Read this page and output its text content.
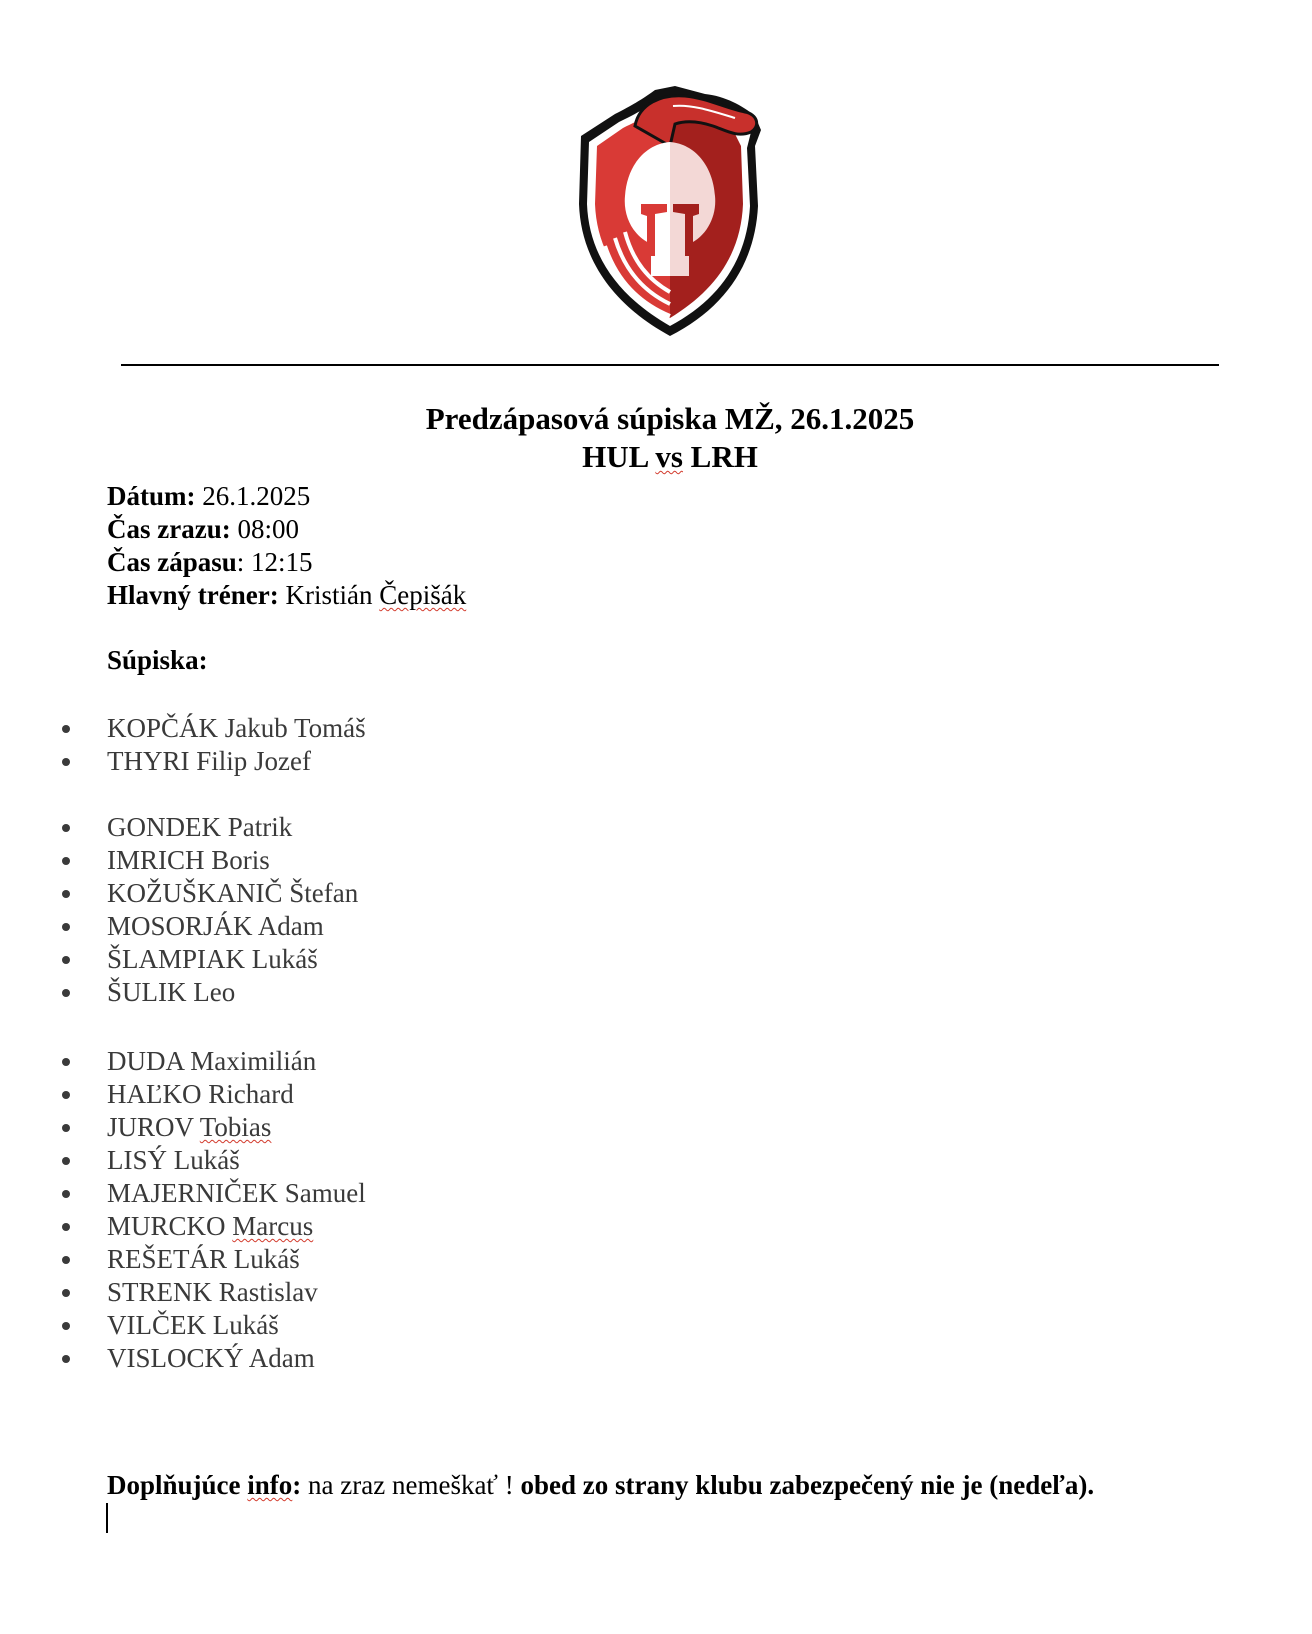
Predzápasová súpiska MŽ, 26.1.2025
HUL vs LRH
Dátum: 26.1.2025
Čas zrazu: 08:00
Čas zápasu: 12:15
Hlavný tréner: Kristián Čepišák
Súpiska:
KOPČÁK Jakub Tomáš
THYRI Filip Jozef
GONDEK Patrik
IMRICH Boris
KOŽUŠKANIČ Štefan
MOSORJÁK Adam
ŠLAMPIAK Lukáš
ŠULIK Leo
DUDA Maximilián
HAĽKO Richard
JUROV Tobias
LISÝ Lukáš
MAJERNIČEK Samuel
MURCKO Marcus
REŠETÁR Lukáš
STRENK Rastislav
VILČEK Lukáš
VISLOCKÝ Adam
Doplňujúce info: na zraz nemeškať ! obed zo strany klubu zabezpečený nie je (nedeľa).
